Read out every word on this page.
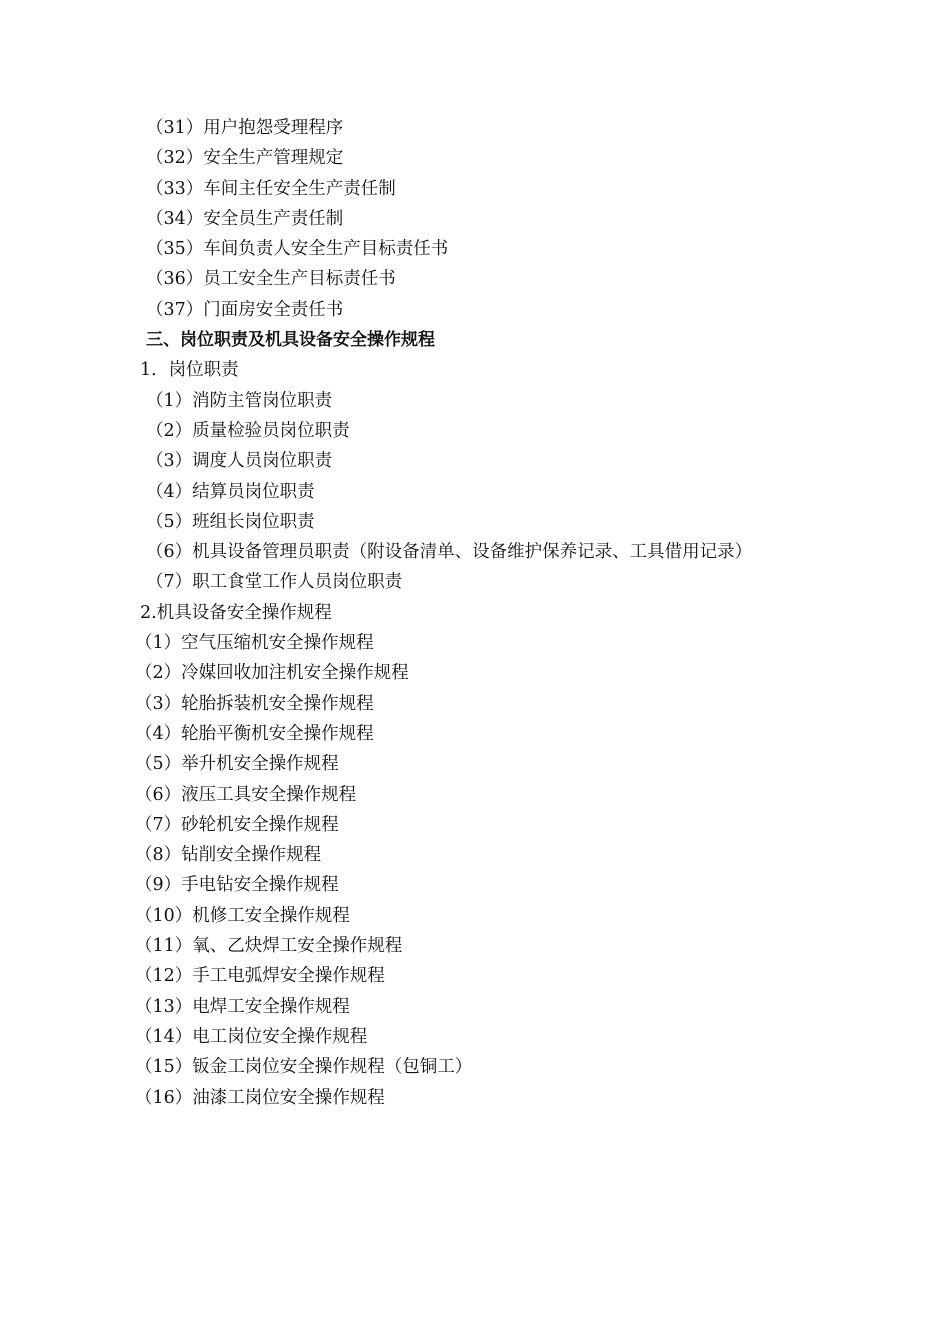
（31）用户抱怨受理程序
（32）安全生产管理规定
（33）车间主任安全生产责任制
（34）安全员生产责任制
（35）车间负责人安全生产目标责任书
（36）员工安全生产目标责任书
（37）门面房安全责任书
三、岗位职责及机具设备安全操作规程
1．岗位职责
（1）消防主管岗位职责
（2）质量检验员岗位职责
（3）调度人员岗位职责
（4）结算员岗位职责
（5）班组长岗位职责
（6）机具设备管理员职责（附设备清单、设备维护保养记录、工具借用记录）
（7）职工食堂工作人员岗位职责
2.机具设备安全操作规程
（1）空气压缩机安全操作规程
（2）冷媒回收加注机安全操作规程
（3）轮胎拆装机安全操作规程
（4）轮胎平衡机安全操作规程
（5）举升机安全操作规程
（6）液压工具安全操作规程
（7）砂轮机安全操作规程
（8）钻削安全操作规程
（9）手电钻安全操作规程
（10）机修工安全操作规程
（11）氧、乙炔焊工安全操作规程
（12）手工电弧焊安全操作规程
（13）电焊工安全操作规程
（14）电工岗位安全操作规程
（15）钣金工岗位安全操作规程（包铜工）
（16）油漆工岗位安全操作规程
